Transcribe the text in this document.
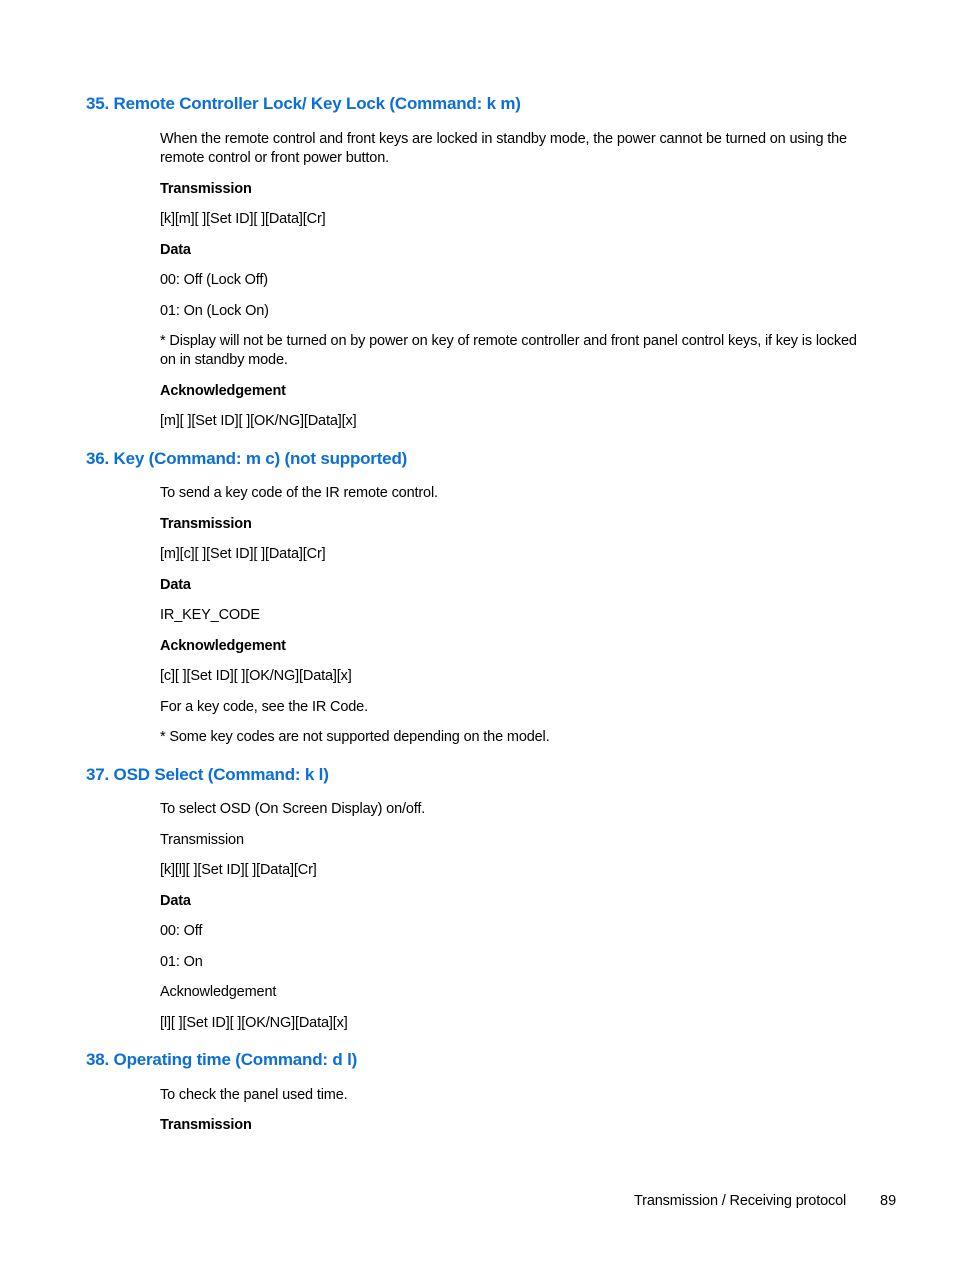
35. Remote Controller Lock/ Key Lock (Command: k m)

When the remote control and front keys are locked in standby mode, the power cannot be turned on using the remote control or front power button.

Transmission

[k][m][ ][Set ID][ ][Data][Cr]

Data

00: Off (Lock Off)

01: On (Lock On)

* Display will not be turned on by power on key of remote controller and front panel control keys, if key is locked on in standby mode.

Acknowledgement

[m][ ][Set ID][ ][OK/NG][Data][x]

36. Key (Command: m c) (not supported)

To send a key code of the IR remote control.

Transmission

[m][c][ ][Set ID][ ][Data][Cr]

Data

IR_KEY_CODE

Acknowledgement

[c][ ][Set ID][ ][OK/NG][Data][x]

For a key code, see the IR Code.

* Some key codes are not supported depending on the model.

37. OSD Select (Command: k l)

To select OSD (On Screen Display) on/off.

Transmission

[k][l][ ][Set ID][ ][Data][Cr]

Data

00: Off

01: On

Acknowledgement

[l][ ][Set ID][ ][OK/NG][Data][x]

38. Operating time (Command: d l)

To check the panel used time.

Transmission

Transmission / Receiving protocol 89
